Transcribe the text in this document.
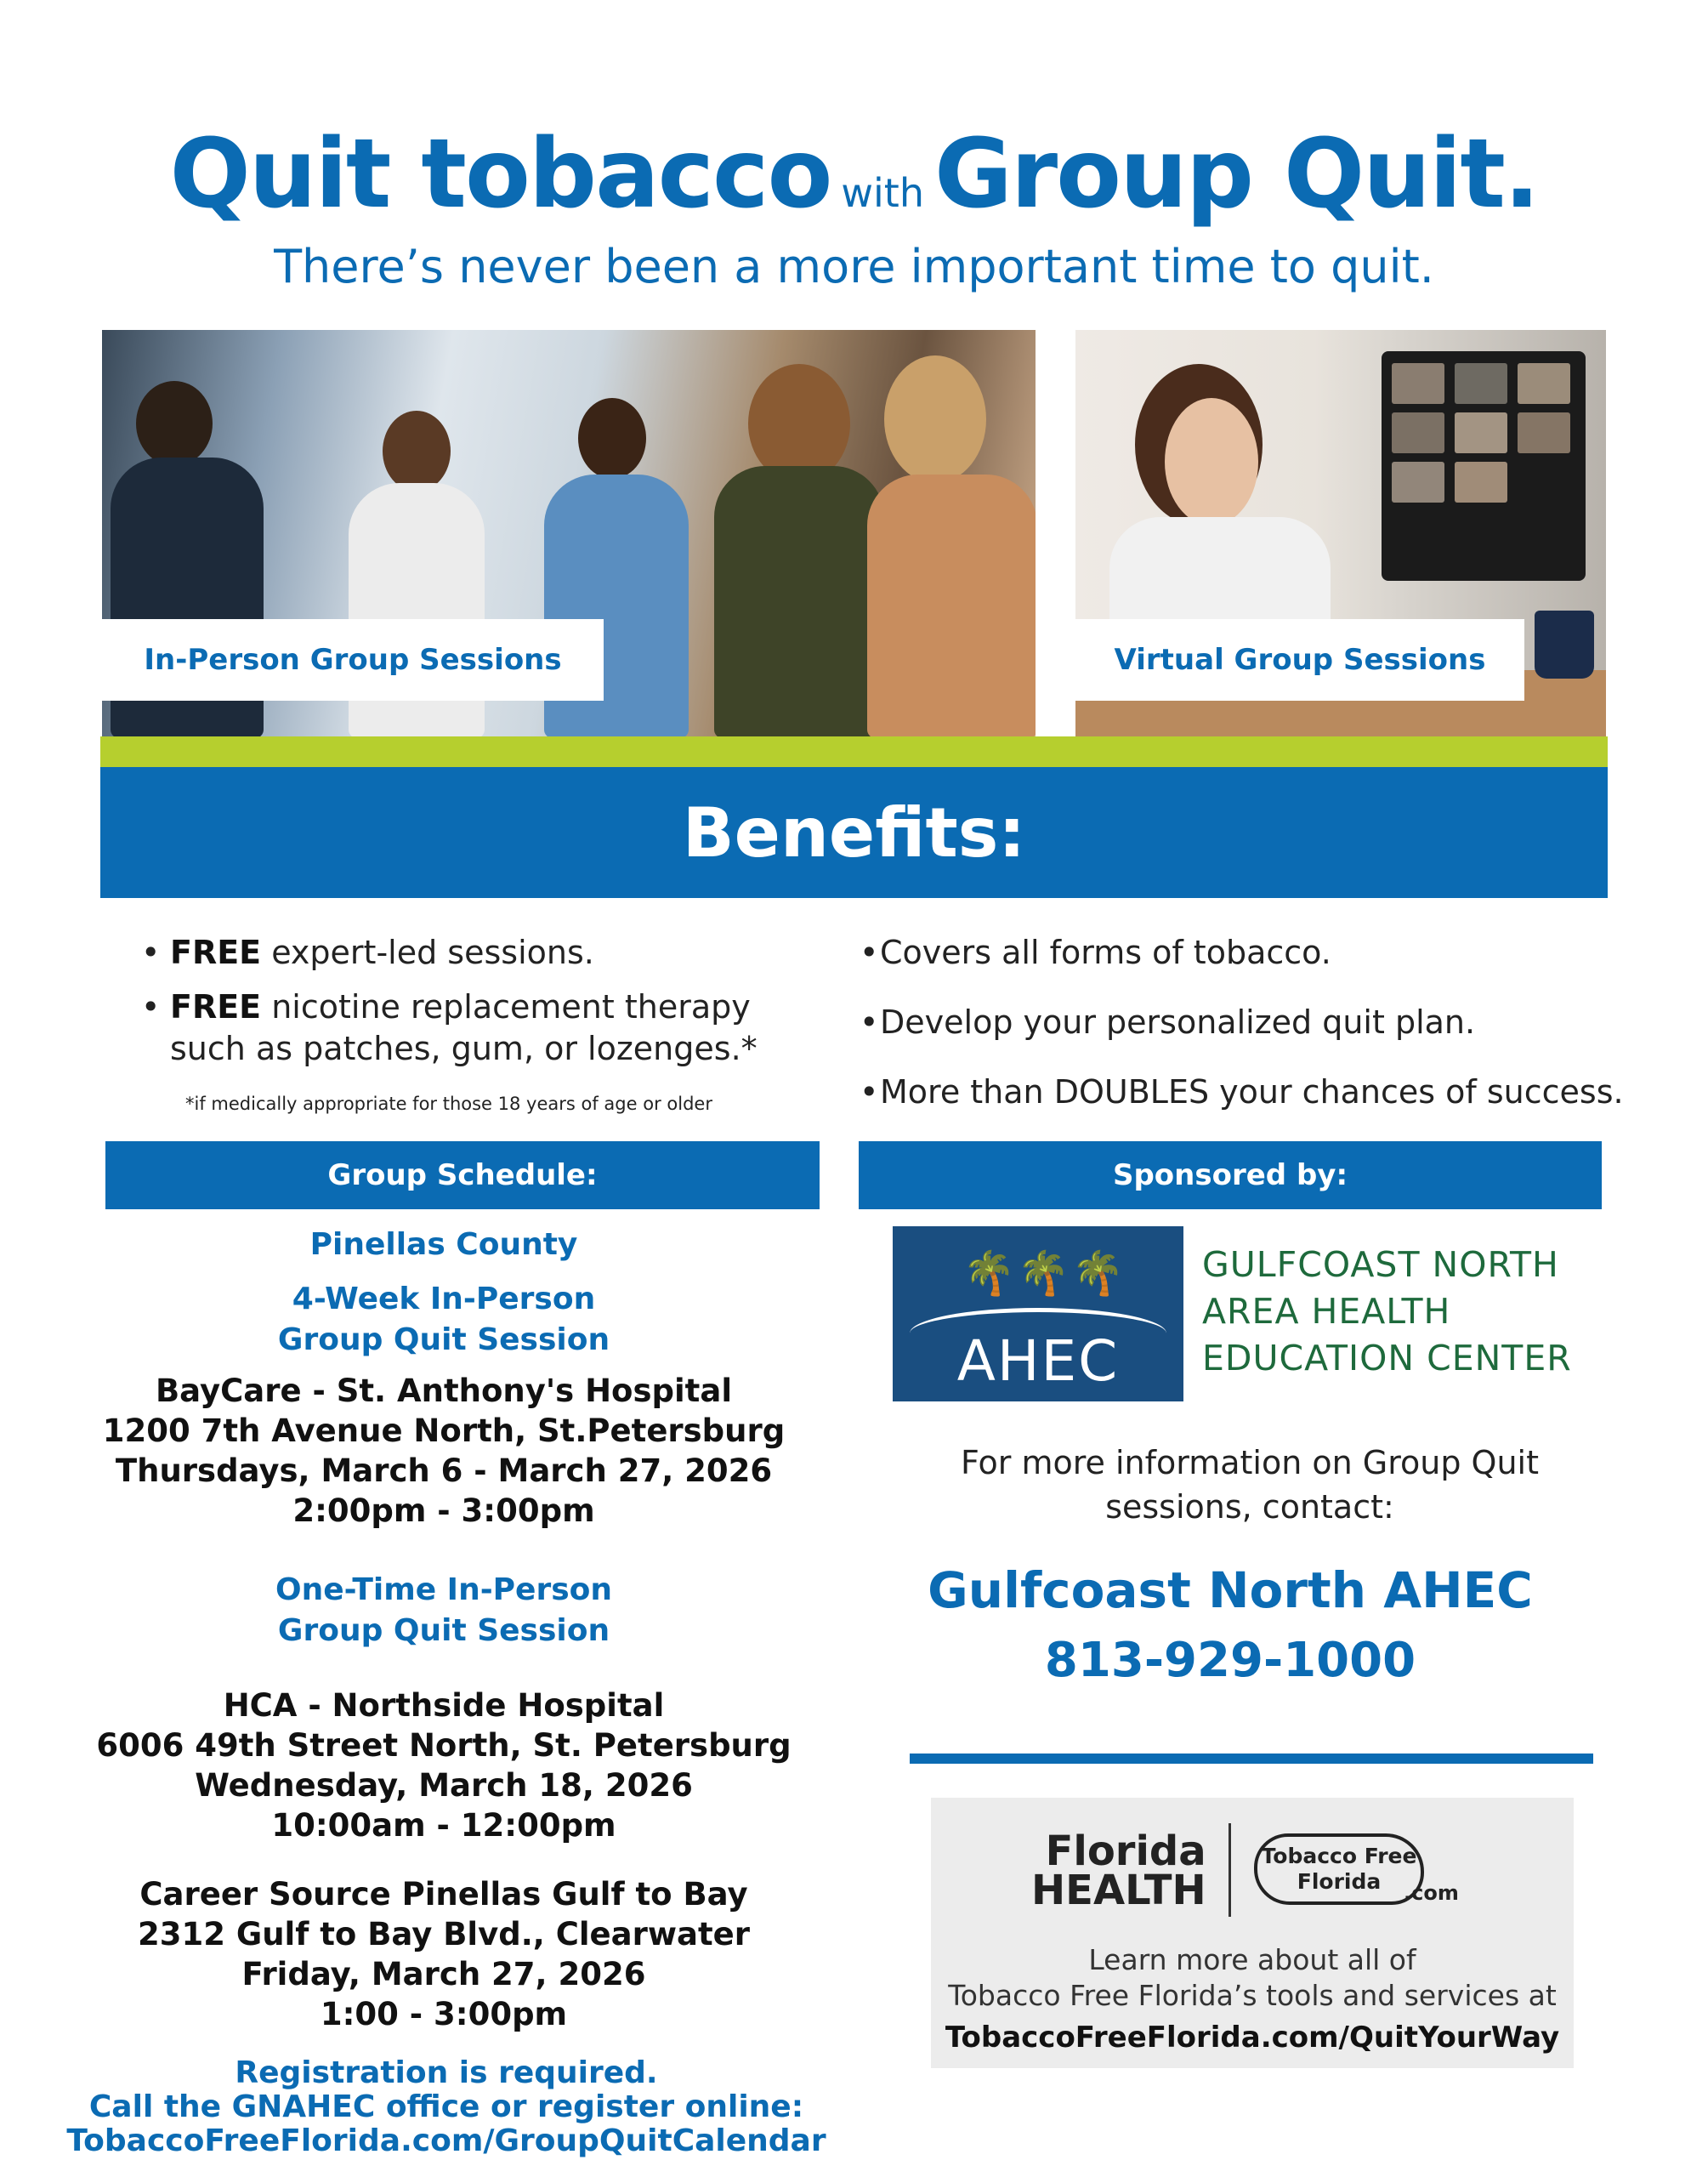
Quit tobacco with Group Quit.
There’s never been a more important time to quit.
In-Person Group Sessions	Virtual Group Sessions
Benefits:
• FREE expert-led sessions.
• FREE nicotine replacement therapy such as patches, gum, or lozenges.*
*if medically appropriate for those 18 years of age or older
• Covers all forms of tobacco.
• Develop your personalized quit plan.
• More than DOUBLES your chances of success.
Group Schedule:	Sponsored by:
Pinellas County
4-Week In-Person
Group Quit Session
BayCare - St. Anthony's Hospital
1200 7th Avenue North, St.Petersburg
Thursdays, March 6 - March 27, 2026
2:00pm - 3:00pm
One-Time In-Person
Group Quit Session
HCA - Northside Hospital
6006 49th Street North, St. Petersburg
Wednesday, March 18, 2026
10:00am - 12:00pm
Career Source Pinellas Gulf to Bay
2312 Gulf to Bay Blvd., Clearwater
Friday, March 27, 2026
1:00 - 3:00pm
Registration is required.
Call the GNAHEC office or register online:
TobaccoFreeFlorida.com/GroupQuitCalendar
🌴 🌴 🌴
AHEC
GULFCOAST NORTH
AREA HEALTH
EDUCATION CENTER
For more information on Group Quit sessions, contact:
Gulfcoast North AHEC
813-929-1000
Florida
HEALTH
Tobacco Free
Florida	.com
Learn more about all of
Tobacco Free Florida’s tools and services at
TobaccoFreeFlorida.com/QuitYourWay
